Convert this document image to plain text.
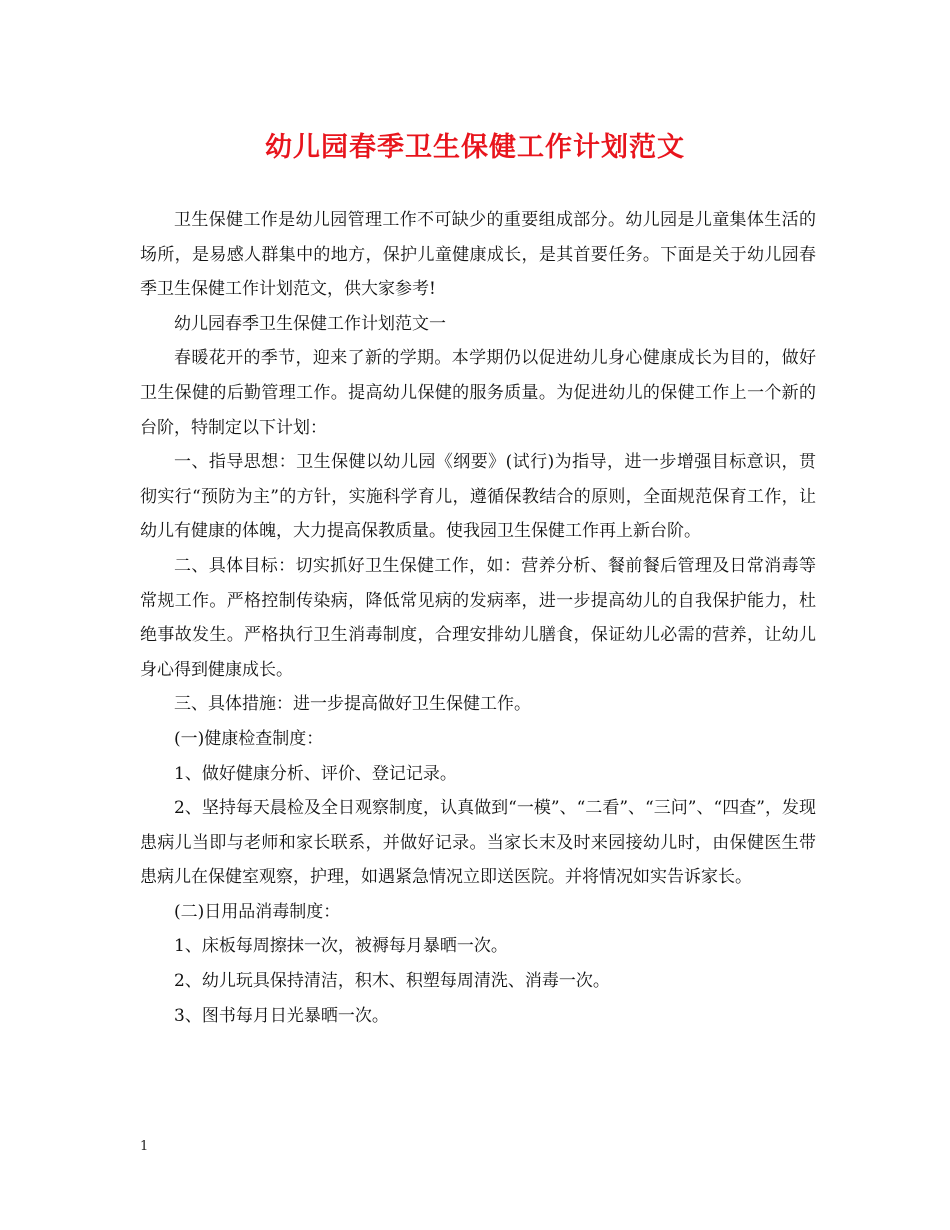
幼儿园春季卫生保健工作计划范文

卫生保健工作是幼儿园管理工作不可缺少的重要组成部分。幼儿园是儿童集体生活的场所，是易感人群集中的地方，保护儿童健康成长，是其首要任务。下面是关于幼儿园春季卫生保健工作计划范文，供大家参考!

幼儿园春季卫生保健工作计划范文一

春暖花开的季节，迎来了新的学期。本学期仍以促进幼儿身心健康成长为目的，做好卫生保健的后勤管理工作。提高幼儿保健的服务质量。为促进幼儿的保健工作上一个新的台阶，特制定以下计划：

一、指导思想：卫生保健以幼儿园《纲要》(试行)为指导，进一步增强目标意识，贯彻实行“预防为主”的方针，实施科学育儿，遵循保教结合的原则，全面规范保育工作，让幼儿有健康的体魄，大力提高保教质量。使我园卫生保健工作再上新台阶。

二、具体目标：切实抓好卫生保健工作，如：营养分析、餐前餐后管理及日常消毒等常规工作。严格控制传染病，降低常见病的发病率，进一步提高幼儿的自我保护能力，杜绝事故发生。严格执行卫生消毒制度，合理安排幼儿膳食，保证幼儿必需的营养，让幼儿身心得到健康成长。

三、具体措施：进一步提高做好卫生保健工作。

(一)健康检查制度：

1、做好健康分析、评价、登记记录。

2、坚持每天晨检及全日观察制度，认真做到“一模”、“二看”、“三问”、“四查”，发现患病儿当即与老师和家长联系，并做好记录。当家长末及时来园接幼儿时，由保健医生带患病儿在保健室观察，护理，如遇紧急情况立即送医院。并将情况如实告诉家长。

(二)日用品消毒制度：

1、床板每周擦抹一次，被褥每月暴晒一次。

2、幼儿玩具保持清洁，积木、积塑每周清洗、消毒一次。

3、图书每月日光暴晒一次。

1
